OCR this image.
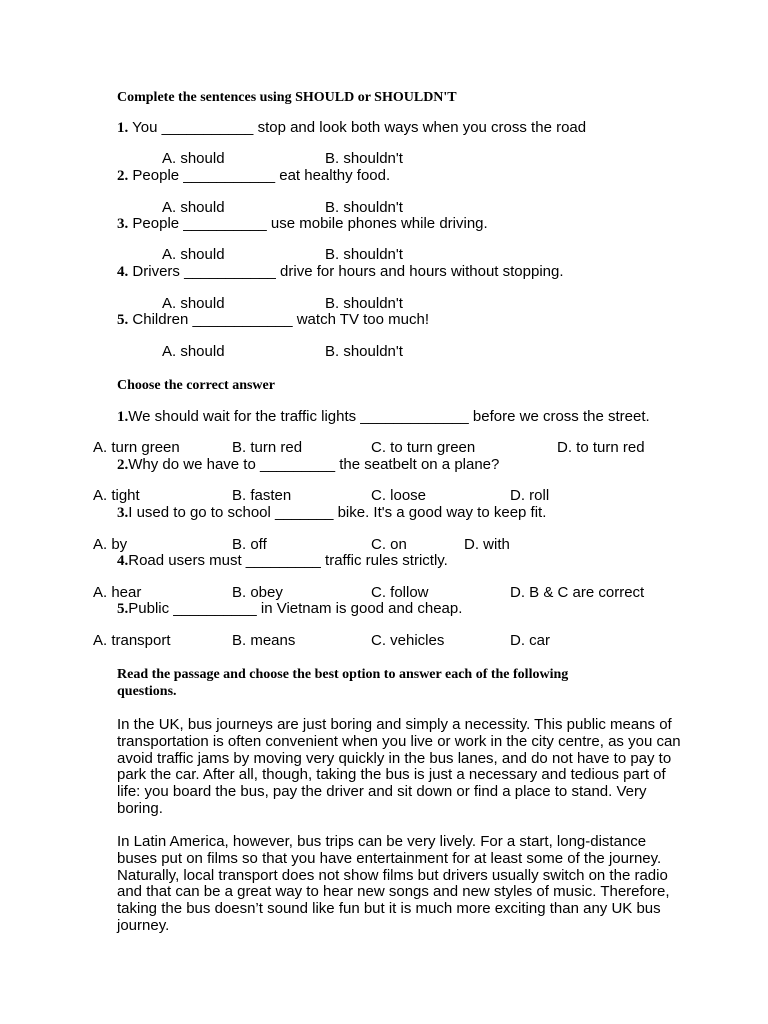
Complete the sentences using SHOULD or SHOULDN'T
1. You ___________ stop and look both ways when you cross the road
A. should	B. shouldn't
2. People ___________ eat healthy food.
A. should	B. shouldn't
3. People __________ use mobile phones while driving.
A. should	B. shouldn't
4. Drivers ___________ drive for hours and hours without stopping.
A. should	B. shouldn't
5. Children ____________ watch TV too much!
A. should	B. shouldn't
Choose the correct answer
1.We should wait for the traffic lights _____________ before we cross the street.
A. turn green	B. turn red	C. to turn green	D. to turn red
2.Why do we have to _________ the seatbelt on a plane?
A. tight	B. fasten	C. loose	D. roll
3.I used to go to school _______ bike. It's a good way to keep fit.
A. by	B. off	C. on	D. with
4.Road users must _________ traffic rules strictly.
A. hear	B. obey	C. follow	D. B & C are correct
5.Public __________ in Vietnam is good and cheap.
A. transport	B. means	C. vehicles	D. car
Read the passage and choose the best option to answer each of the following
questions.

In the UK, bus journeys are just boring and simply a necessity. This public means of transportation is often convenient when you live or work in the city centre, as you can avoid traffic jams by moving very quickly in the bus lanes, and do not have to pay to park the car. After all, though, taking the bus is just a necessary and tedious part of life: you board the bus, pay the driver and sit down or find a place to stand. Very boring.

In Latin America, however, bus trips can be very lively. For a start, long-distance buses put on films so that you have entertainment for at least some of the journey. Naturally, local transport does not show films but drivers usually switch on the radio and that can be a great way to hear new songs and new styles of music. Therefore, taking the bus doesn’t sound like fun but it is much more exciting than any UK bus journey.
